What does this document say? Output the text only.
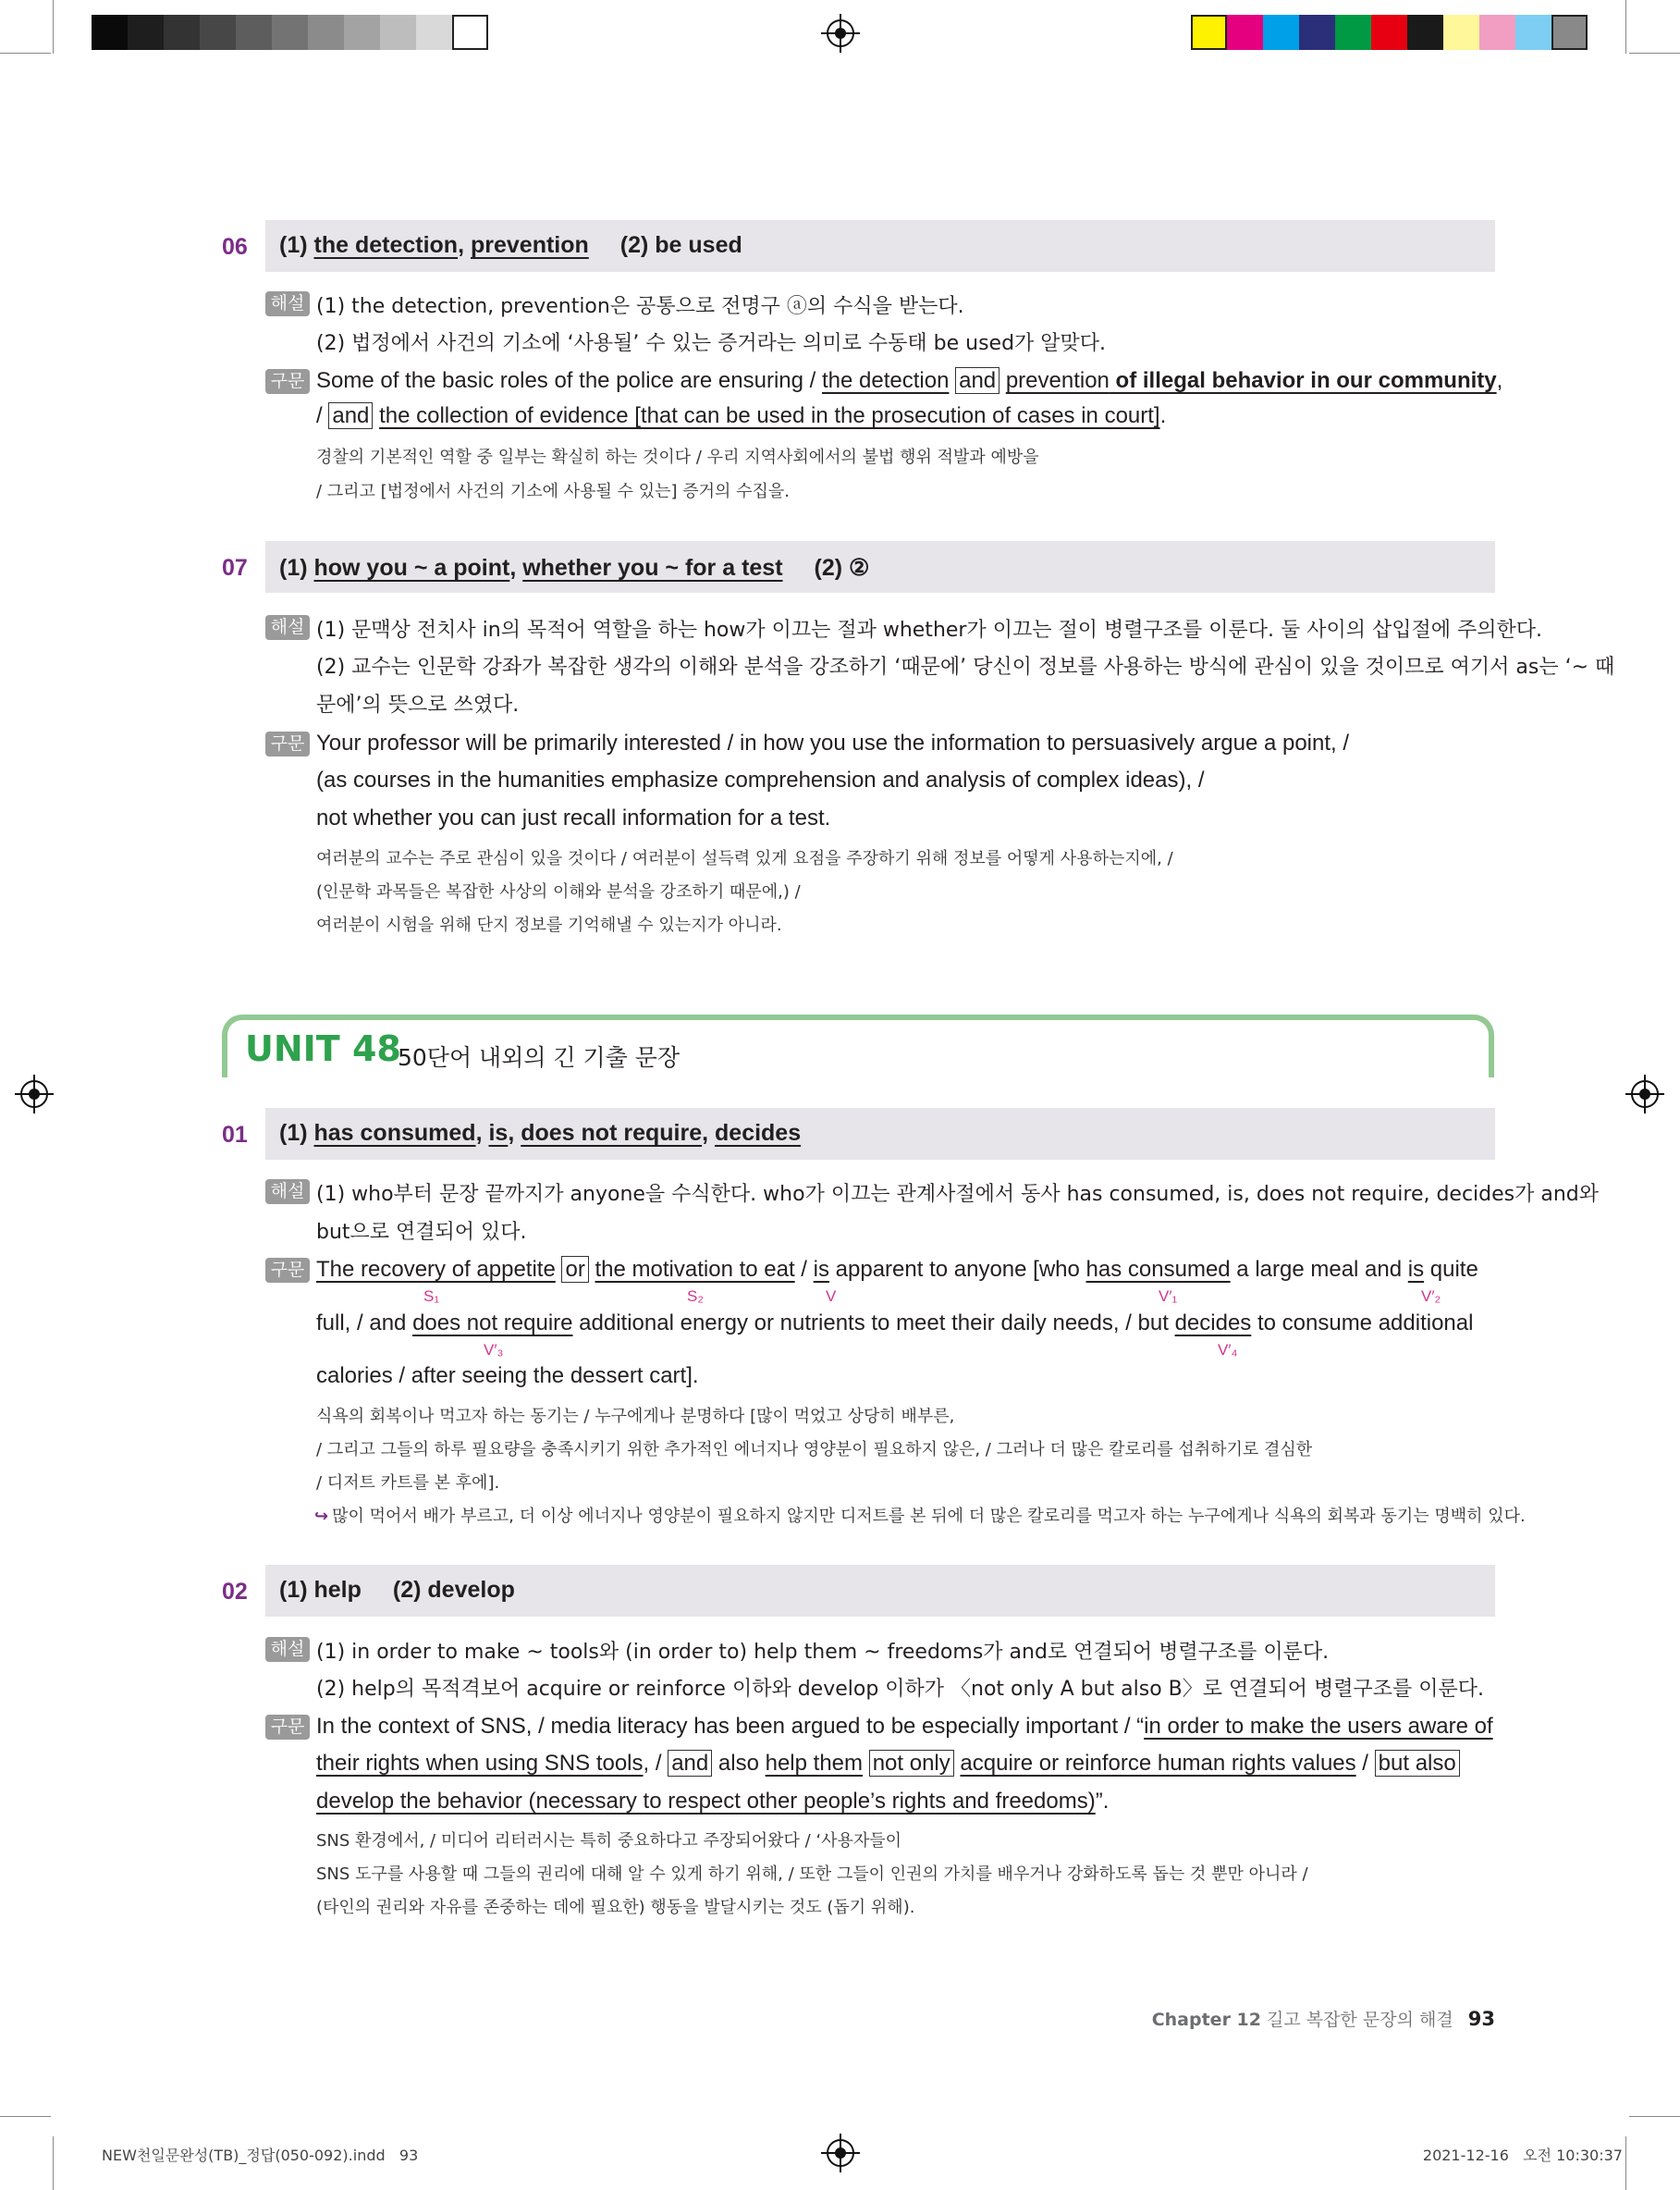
06 (1) the detection, prevention (2) be used
해설 (1) the detection, prevention은 공통으로 전명구 ⓐ의 수식을 받는다.
(2) 법정에서 사건의 기소에 ‘사용될’ 수 있는 증거라는 의미로 수동태 be used가 알맞다.
구문 Some of the basic roles of the police are ensuring / the detection and prevention of illegal behavior in our community,
/ and the collection of evidence [that can be used in the prosecution of cases in court].
경찰의 기본적인 역할 중 일부는 확실히 하는 것이다 / 우리 지역사회에서의 불법 행위 적발과 예방을
/ 그리고 [법정에서 사건의 기소에 사용될 수 있는] 증거의 수집을.
07 (1) how you ~ a point, whether you ~ for a test (2) ②
해설 (1) 문맥상 전치사 in의 목적어 역할을 하는 how가 이끄는 절과 whether가 이끄는 절이 병렬구조를 이룬다. 둘 사이의 삽입절에 주의한다.
(2) 교수는 인문학 강좌가 복잡한 생각의 이해와 분석을 강조하기 ‘때문에’ 당신이 정보를 사용하는 방식에 관심이 있을 것이므로 여기서 as는 ‘~ 때
문에’의 뜻으로 쓰였다.
구문 Your professor will be primarily interested / in how you use the information to persuasively argue a point, /
(as courses in the humanities emphasize comprehension and analysis of complex ideas), /
not whether you can just recall information for a test.
여러분의 교수는 주로 관심이 있을 것이다 / 여러분이 설득력 있게 요점을 주장하기 위해 정보를 어떻게 사용하는지에, /
(인문학 과목들은 복잡한 사상의 이해와 분석을 강조하기 때문에,) /
여러분이 시험을 위해 단지 정보를 기억해낼 수 있는지가 아니라.
UNIT 48
50단어 내외의 긴 기출 문장
01 (1) has consumed, is, does not require, decides
해설 (1) who부터 문장 끝까지가 anyone을 수식한다. who가 이끄는 관계사절에서 동사 has consumed, is, does not require, decides가 and와
but으로 연결되어 있다.
구문 The recovery of appetite or the motivation to eat / is apparent to anyone [who has consumed a large meal and is quite
S₁	S₂	V	V′₁	V′₂
full, / and does not require additional energy or nutrients to meet their daily needs, / but decides to consume additional
V′₃	V′₄
calories / after seeing the dessert cart].
식욕의 회복이나 먹고자 하는 동기는 / 누구에게나 분명하다 [많이 먹었고 상당히 배부른,
/ 그리고 그들의 하루 필요량을 충족시키기 위한 추가적인 에너지나 영양분이 필요하지 않은, / 그러나 더 많은 칼로리를 섭취하기로 결심한
/ 디저트 카트를 본 후에].
↪ 많이 먹어서 배가 부르고, 더 이상 에너지나 영양분이 필요하지 않지만 디저트를 본 뒤에 더 많은 칼로리를 먹고자 하는 누구에게나 식욕의 회복과 동기는 명백히 있다.
02 (1) help (2) develop
해설 (1) in order to make ~ tools와 (in order to) help them ~ freedoms가 and로 연결되어 병렬구조를 이룬다.
(2) help의 목적격보어 acquire or reinforce 이하와 develop 이하가 〈not only A but also B〉로 연결되어 병렬구조를 이룬다.
구문 In the context of SNS, / media literacy has been argued to be especially important / “in order to make the users aware of
their rights when using SNS tools, / and also help them not only acquire or reinforce human rights values / but also
develop the behavior (necessary to respect other people’s rights and freedoms)”.
SNS 환경에서, / 미디어 리터러시는 특히 중요하다고 주장되어왔다 / ‘사용자들이
SNS 도구를 사용할 때 그들의 권리에 대해 알 수 있게 하기 위해, / 또한 그들이 인권의 가치를 배우거나 강화하도록 돕는 것 뿐만 아니라 /
(타인의 권리와 자유를 존중하는 데에 필요한) 행동을 발달시키는 것도 (돕기 위해).
Chapter 12 길고 복잡한 문장의 해결 93
NEW천일문완성(TB)_정답(050-092).indd   93	2021-12-16   오전 10:30:37
